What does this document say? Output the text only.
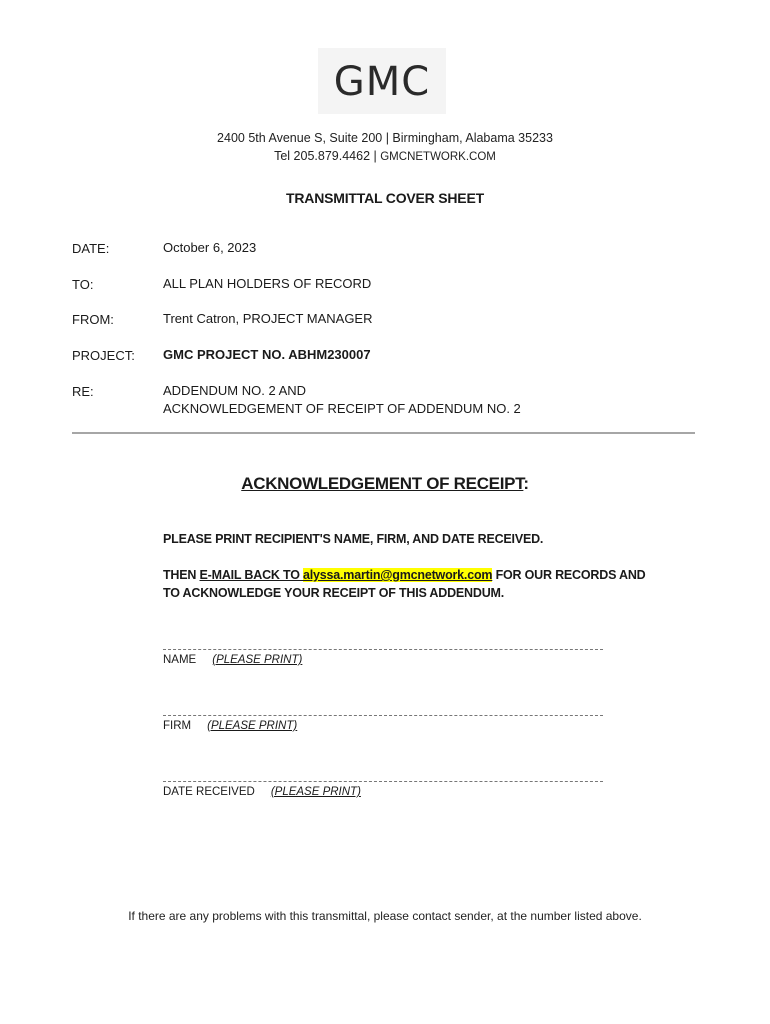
GMC
2400 5th Avenue S, Suite 200 | Birmingham, Alabama 35233
Tel 205.879.4462 | GMCNETWORK.COM
TRANSMITTAL COVER SHEET
DATE:	October 6, 2023
TO:	ALL PLAN HOLDERS OF RECORD
FROM:	Trent Catron, PROJECT MANAGER
PROJECT: GMC PROJECT NO. ABHM230007
RE:	ADDENDUM NO. 2 AND
ACKNOWLEDGEMENT OF RECEIPT OF ADDENDUM NO. 2
ACKNOWLEDGEMENT OF RECEIPT:
PLEASE PRINT RECIPIENT'S NAME, FIRM, AND DATE RECEIVED.
THEN E-MAIL BACK TO alyssa.martin@gmcnetwork.com FOR OUR RECORDS AND
TO ACKNOWLEDGE YOUR RECEIPT OF THIS ADDENDUM.
NAME (PLEASE PRINT)
FIRM (PLEASE PRINT)
DATE RECEIVED (PLEASE PRINT)
If there are any problems with this transmittal, please contact sender, at the number listed above.
